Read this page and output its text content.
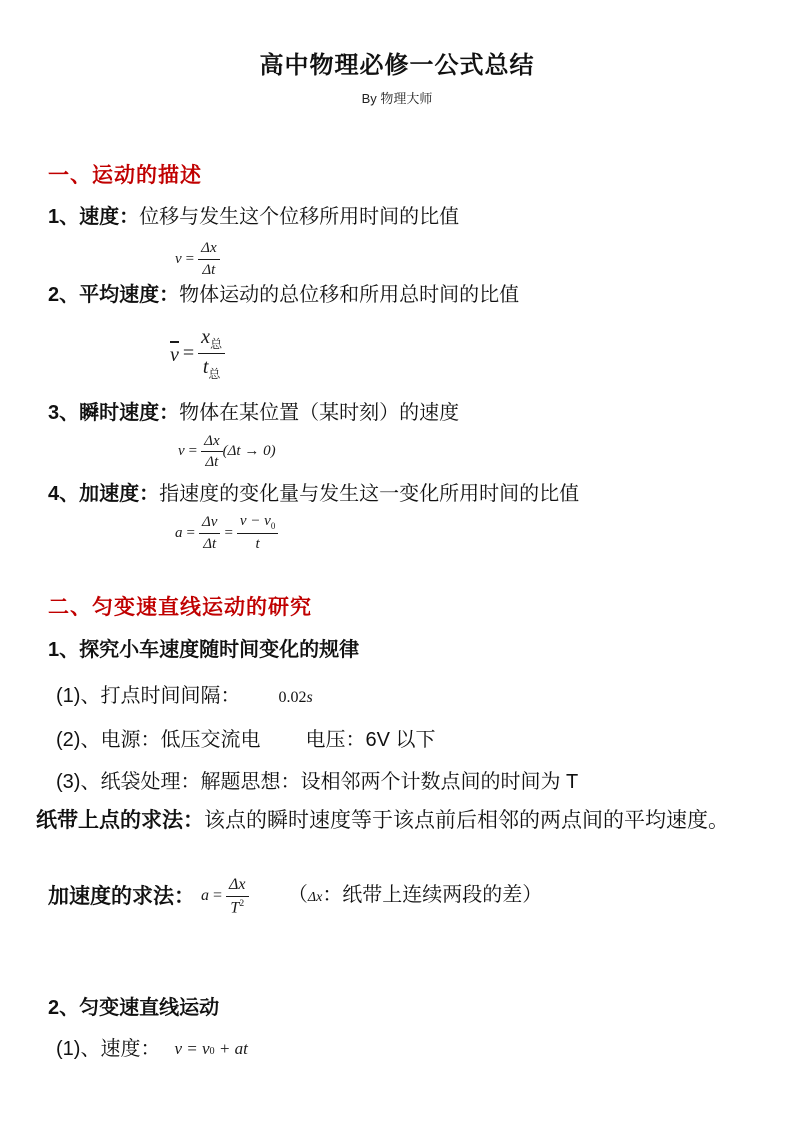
高中物理必修一公式总结
By 物理大师
一、运动的描述

1、速度：位移与发生这个位移所用时间的比值

$v = \frac{\Delta x}{\Delta t}$

2、平均速度：物体运动的总位移和所用总时间的比值

$v = \frac{x_总}{t_总}$

3、瞬时速度：物体在某位置（某时刻）的速度

$v = \frac{\Delta x}{\Delta t} (\Delta t \to 0)$

4、加速度：指速度的变化量与发生这一变化所用时间的比值

$a = \frac{\Delta v}{\Delta t} = \frac{v - v_0}{t}$
二、匀变速直线运动的研究

1、探究小车速度随时间变化的规律

(1)、打点时间间隔： 0.02s

(2)、电源：低压交流电 电压：6V 以下

(3)、纸袋处理：解题思想：设相邻两个计数点间的时间为 T

纸带上点的求法：该点的瞬时速度等于该点前后相邻的两点间的平均速度。

加速度的求法： $a = \frac{\Delta x}{T^2}$	（Δx：纸带上连续两段的差）

2、匀变速直线运动

(1)、速度： v = v 0 + at
